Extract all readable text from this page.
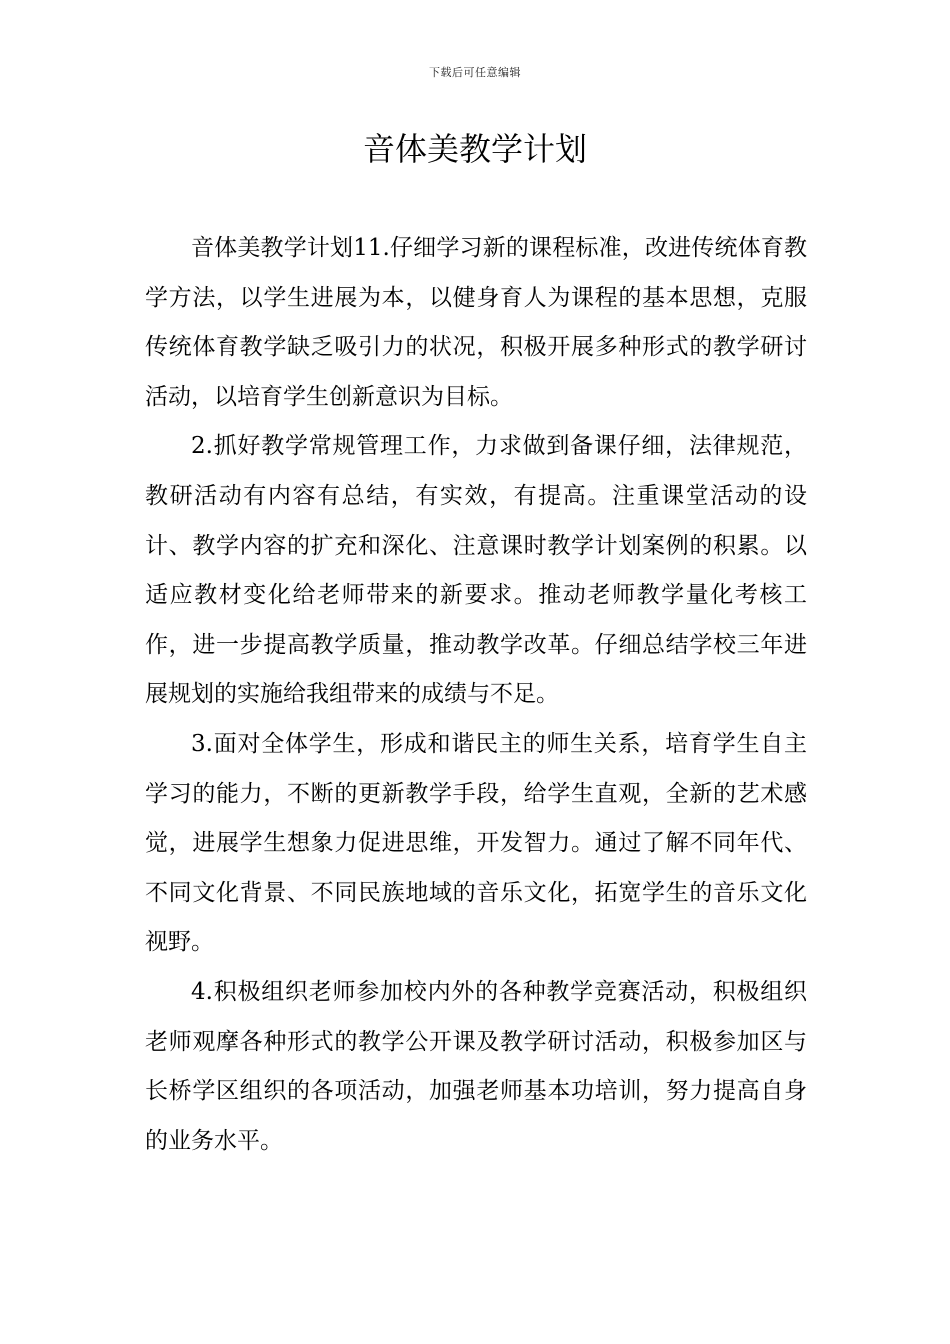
下载后可任意编辑
音体美教学计划

音体美教学计划11.仔细学习新的课程标准，改进传统体育教学方法，以学生进展为本，以健身育人为课程的基本思想，克服传统体育教学缺乏吸引力的状况，积极开展多种形式的教学研讨活动，以培育学生创新意识为目标。

2.抓好教学常规管理工作，力求做到备课仔细，法律规范，教研活动有内容有总结，有实效，有提高。注重课堂活动的设计、教学内容的扩充和深化、注意课时教学计划案例的积累。以适应教材变化给老师带来的新要求。推动老师教学量化考核工作，进一步提高教学质量，推动教学改革。仔细总结学校三年进展规划的实施给我组带来的成绩与不足。

3.面对全体学生，形成和谐民主的师生关系，培育学生自主学习的能力，不断的更新教学手段，给学生直观，全新的艺术感觉，进展学生想象力促进思维，开发智力。通过了解不同年代、不同文化背景、不同民族地域的音乐文化，拓宽学生的音乐文化视野。

4.积极组织老师参加校内外的各种教学竞赛活动，积极组织老师观摩各种形式的教学公开课及教学研讨活动，积极参加区与长桥学区组织的各项活动，加强老师基本功培训，努力提高自身的业务水平。
